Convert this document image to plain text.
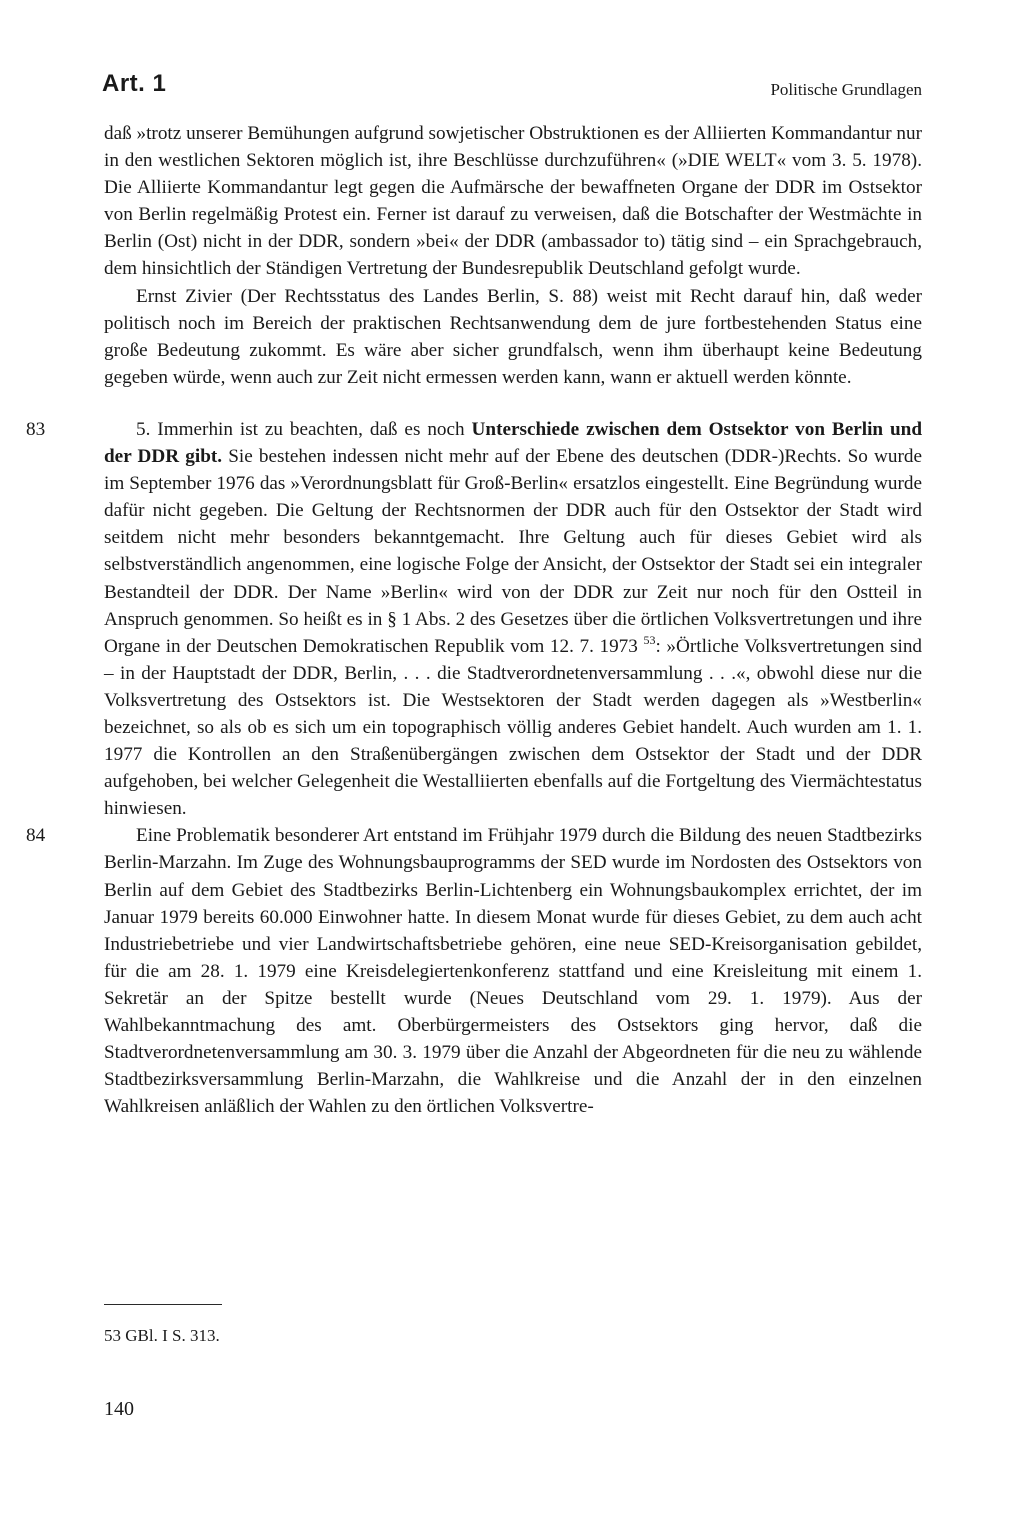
Art. 1	Politische Grundlagen

daß »trotz unserer Bemühungen aufgrund sowjetischer Obstruktionen es der Alliierten Kommandantur nur in den westlichen Sektoren möglich ist, ihre Beschlüsse durchzuführen« (»DIE WELT« vom 3. 5. 1978). Die Alliierte Kommandantur legt gegen die Aufmärsche der bewaffneten Organe der DDR im Ostsektor von Berlin regelmäßig Protest ein. Ferner ist darauf zu verweisen, daß die Botschafter der Westmächte in Berlin (Ost) nicht in der DDR, sondern »bei« der DDR (ambassador to) tätig sind – ein Sprachgebrauch, dem hinsichtlich der Ständigen Vertretung der Bundesrepublik Deutschland gefolgt wurde.

Ernst Zivier (Der Rechtsstatus des Landes Berlin, S. 88) weist mit Recht darauf hin, daß weder politisch noch im Bereich der praktischen Rechtsanwendung dem de jure fortbestehenden Status eine große Bedeutung zukommt. Es wäre aber sicher grundfalsch, wenn ihm überhaupt keine Bedeutung gegeben würde, wenn auch zur Zeit nicht ermessen werden kann, wann er aktuell werden könnte.

83	5. Immerhin ist zu beachten, daß es noch Unterschiede zwischen dem Ostsektor von Berlin und der DDR gibt. Sie bestehen indessen nicht mehr auf der Ebene des deutschen (DDR-)Rechts. So wurde im September 1976 das »Verordnungsblatt für Groß-Berlin« ersatzlos eingestellt. Eine Begründung wurde dafür nicht gegeben. Die Geltung der Rechtsnormen der DDR auch für den Ostsektor der Stadt wird seitdem nicht mehr besonders bekanntgemacht. Ihre Geltung auch für dieses Gebiet wird als selbstverständlich angenommen, eine logische Folge der Ansicht, der Ostsektor der Stadt sei ein integraler Bestandteil der DDR. Der Name »Berlin« wird von der DDR zur Zeit nur noch für den Ostteil in Anspruch genommen. So heißt es in § 1 Abs. 2 des Gesetzes über die örtlichen Volksvertretungen und ihre Organe in der Deutschen Demokratischen Republik vom 12. 7. 1973 $^{53}$: »Örtliche Volksvertretungen sind – in der Hauptstadt der DDR, Berlin, . . . die Stadtverordnetenversammlung . . .«, obwohl diese nur die Volksvertretung des Ostsektors ist. Die Westsektoren der Stadt werden dagegen als »Westberlin« bezeichnet, so als ob es sich um ein topographisch völlig anderes Gebiet handelt. Auch wurden am 1. 1. 1977 die Kontrollen an den Straßenübergängen zwischen dem Ostsektor der Stadt und der DDR aufgehoben, bei welcher Gelegenheit die Westalliierten ebenfalls auf die Fortgeltung des Viermächtestatus hinwiesen.

84	Eine Problematik besonderer Art entstand im Frühjahr 1979 durch die Bildung des neuen Stadtbezirks Berlin-Marzahn. Im Zuge des Wohnungsbauprogramms der SED wurde im Nordosten des Ostsektors von Berlin auf dem Gebiet des Stadtbezirks Berlin-Lichtenberg ein Wohnungsbaukomplex errichtet, der im Januar 1979 bereits 60.000 Einwohner hatte. In diesem Monat wurde für dieses Gebiet, zu dem auch acht Industriebetriebe und vier Landwirtschaftsbetriebe gehören, eine neue SED-Kreisorganisation gebildet, für die am 28. 1. 1979 eine Kreisdelegiertenkonferenz stattfand und eine Kreisleitung mit einem 1. Sekretär an der Spitze bestellt wurde (Neues Deutschland vom 29. 1. 1979). Aus der Wahlbekanntmachung des amt. Oberbürgermeisters des Ostsektors ging hervor, daß die Stadtverordnetenversammlung am 30. 3. 1979 über die Anzahl der Abgeordneten für die neu zu wählende Stadtbezirksversammlung Berlin-Marzahn, die Wahlkreise und die Anzahl der in den einzelnen Wahlkreisen anläßlich der Wahlen zu den örtlichen Volksvertre-

53 GBl. I S. 313.
140
